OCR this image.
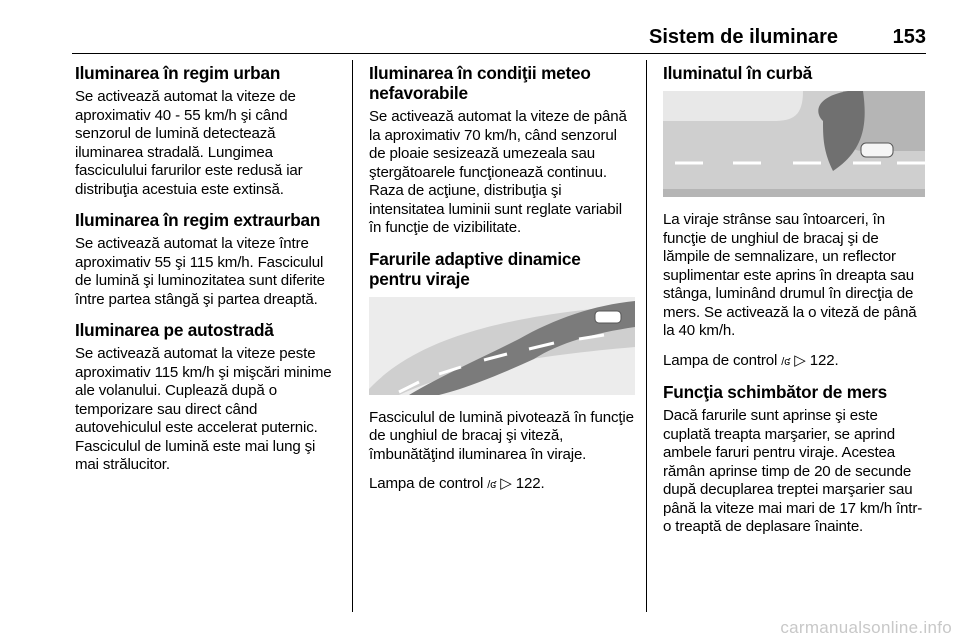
Sistem de iluminare	153
Iluminarea în regim urban

Se activează automat la viteze de aproximativ 40 - 55 km/h şi când senzorul de lumină detectează iluminarea stradală. Lungimea fasciculului farurilor este redusă iar distribuţia acestuia este extinsă.

Iluminarea în regim extraurban

Se activează automat la viteze între aproximativ 55 şi 115 km/h. Fasciculul de lumină şi luminozitatea sunt diferite între partea stângă şi partea dreaptă.

Iluminarea pe autostradă

Se activează automat la viteze peste aproximativ 115 km/h şi mişcări minime ale volanului. Cuplează după o temporizare sau direct când autovehiculul este accelerat puternic. Fasciculul de lumină este mai lung şi mai strălucitor.

Iluminarea în condiţii meteo nefavorabile

Se activează automat la viteze de până la aproximativ 70 km/h, când senzorul de ploaie sesizează umezeala sau ştergătoarele funcţionează continuu. Raza de acţiune, distribuţia şi intensitatea luminii sunt reglate variabil în funcţie de vizibilitate.

Farurile adaptive dinamice pentru viraje

Fasciculul de lumină pivotează în funcţie de unghiul de bracaj şi viteză, îmbunătăţind iluminarea în viraje.

Lampa de control /ʛ ▷ 122.

Iluminatul în curbă

La viraje strânse sau întoarceri, în funcţie de unghiul de bracaj şi de lămpile de semnalizare, un reflector suplimentar este aprins în dreapta sau stânga, luminând drumul în direcţia de mers. Se activează la o viteză de până la 40 km/h.

Lampa de control /ʛ ▷ 122.

Funcţia schimbător de mers

Dacă farurile sunt aprinse şi este cuplată treapta marşarier, se aprind ambele faruri pentru viraje. Acestea rămân aprinse timp de 20 de secunde după decuplarea treptei marşarier sau până la viteze mai mari de 17 km/h într-o treaptă de deplasare înainte.

carmanualsonline.info
